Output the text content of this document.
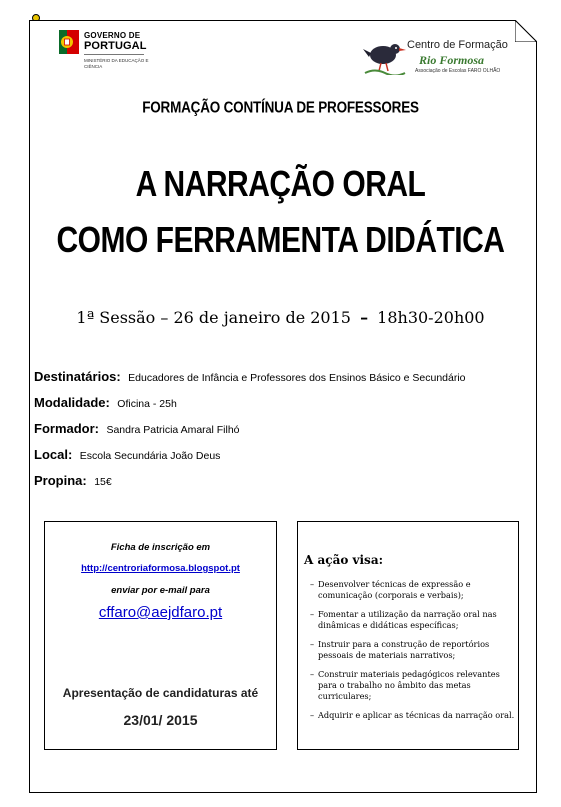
GOVERNO DE
PORTUGAL
MINISTÉRIO DA EDUCAÇÃO E CIÊNCIA
Centro de Formação
Rio Formosa
Associação de Escolas FARO OLHÃO
FORMAÇÃO CONTÍNUA DE PROFESSORES
A NARRAÇÃO ORAL
COMO FERRAMENTA DIDÁTICA
1ª Sessão – 26 de janeiro de 2015 – 18h30-20h00
Destinatários: Educadores de Infância e Professores dos Ensinos Básico e Secundário
Modalidade: Oficina - 25h
Formador: Sandra Patricia Amaral Filhó
Local: Escola Secundária João Deus
Propina: 15€
Ficha de inscrição em
http://centroriaformosa.blogspot.pt
enviar por e-mail para
cffaro@aejdfaro.pt
Apresentação de candidaturas até
23/01/ 2015
A ação visa:
– Desenvolver técnicas de expressão e comunicação (corporais e verbais);
– Fomentar a utilização da narração oral nas dinâmicas e didáticas específicas;
– Instruir para a construção de reportórios pessoais de materiais narrativos;
– Construir materiais pedagógicos relevantes para o trabalho no âmbito das metas curriculares;
– Adquirir e aplicar as técnicas da narração oral.
